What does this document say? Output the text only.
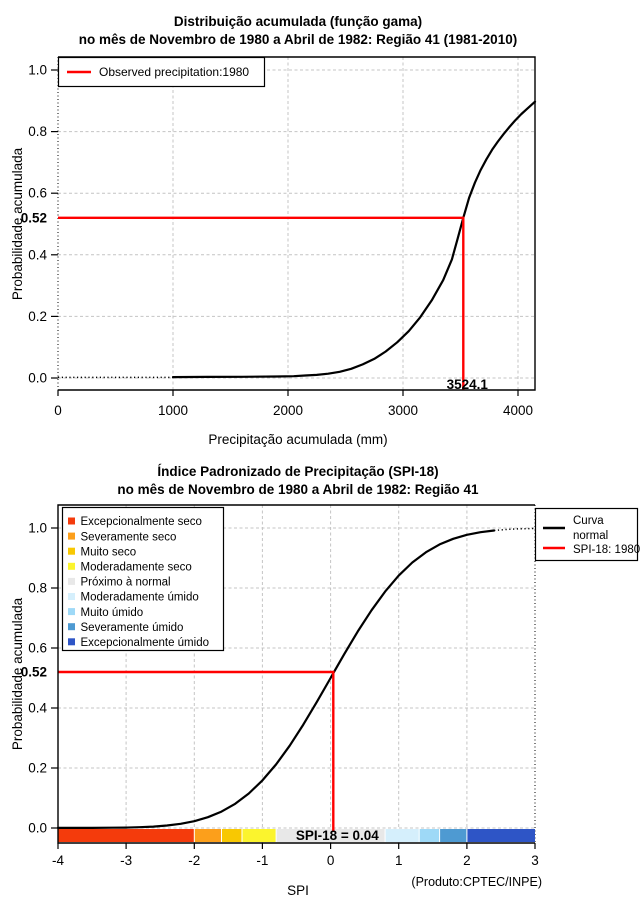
Distribuição acumulada (função gama)
no mês de Novembro de 1980 a Abril de 1982: Região 41 (1981-2010)
0	1000	2000	3000	4000
0.0
0.2
0.4
0.6
0.8
1.0
0.52
3524.1
Observed precipitation:1980
Precipitação acumulada (mm)
Probabilidade acumulada
Índice Padronizado de Precipitação (SPI-18)
no mês de Novembro de 1980 a Abril de 1982: Região 41
-4	-3	-2	-1	0	1	2	3
0.0
0.2
0.4
0.6
0.8
1.0
0.52
SPI-18 = 0.04
Excepcionalmente seco
Severamente seco
Muito seco
Moderadamente seco
Próximo à normal
Moderadamente úmido
Muito úmido
Severamente úmido
Excepcionalmente úmido
Curva
normal
SPI-18: 1980
SPI
Probabilidade acumulada
(Produto:CPTEC/INPE)
